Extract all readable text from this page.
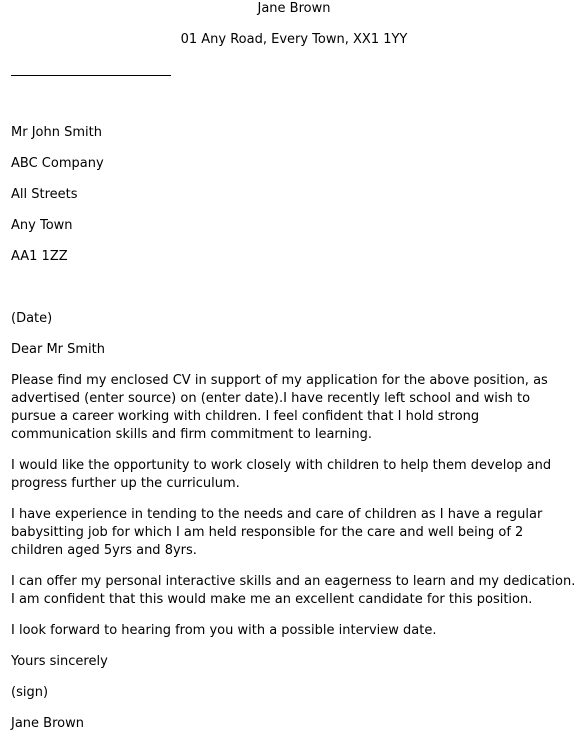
Jane Brown
01 Any Road, Every Town, XX1 1YY
Mr John Smith
ABC Company
All Streets
Any Town
AA1 1ZZ
(Date)
Dear Mr Smith
Please find my enclosed CV in support of my application for the above position, as
advertised (enter source) on (enter date).I have recently left school and wish to
pursue a career working with children. I feel confident that I hold strong
communication skills and firm commitment to learning.
I would like the opportunity to work closely with children to help them develop and
progress further up the curriculum.
I have experience in tending to the needs and care of children as I have a regular
babysitting job for which I am held responsible for the care and well being of 2
children aged 5yrs and 8yrs.
I can offer my personal interactive skills and an eagerness to learn and my dedication.
I am confident that this would make me an excellent candidate for this position.
I look forward to hearing from you with a possible interview date.
Yours sincerely
(sign)
Jane Brown
